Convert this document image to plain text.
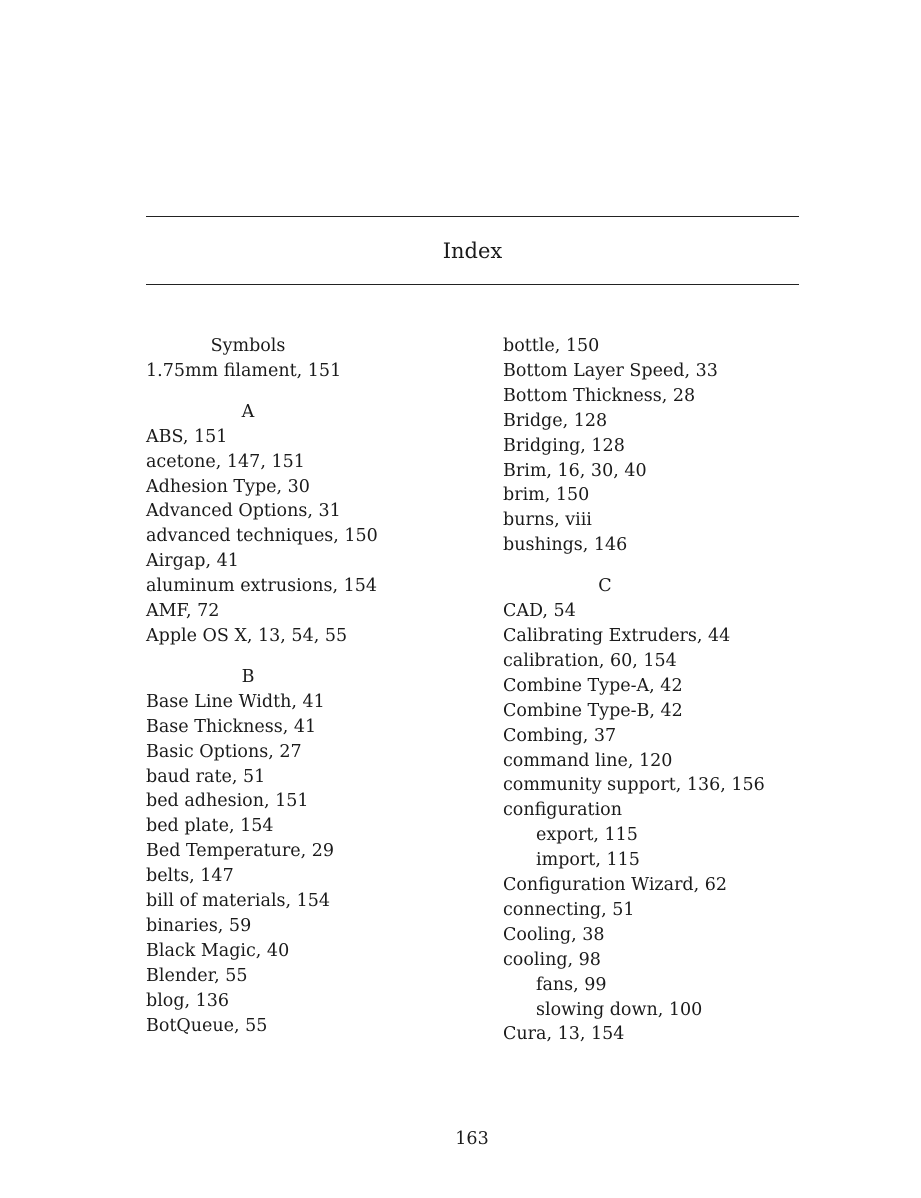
Index
Symbols
1.75mm filament, 151
A
ABS, 151
acetone, 147, 151
Adhesion Type, 30
Advanced Options, 31
advanced techniques, 150
Airgap, 41
aluminum extrusions, 154
AMF, 72
Apple OS X, 13, 54, 55
B
Base Line Width, 41
Base Thickness, 41
Basic Options, 27
baud rate, 51
bed adhesion, 151
bed plate, 154
Bed Temperature, 29
belts, 147
bill of materials, 154
binaries, 59
Black Magic, 40
Blender, 55
blog, 136
BotQueue, 55
bottle, 150
Bottom Layer Speed, 33
Bottom Thickness, 28
Bridge, 128
Bridging, 128
Brim, 16, 30, 40
brim, 150
burns, viii
bushings, 146
C
CAD, 54
Calibrating Extruders, 44
calibration, 60, 154
Combine Type-A, 42
Combine Type-B, 42
Combing, 37
command line, 120
community support, 136, 156
configuration
export, 115
import, 115
Configuration Wizard, 62
connecting, 51
Cooling, 38
cooling, 98
fans, 99
slowing down, 100
Cura, 13, 154
163
